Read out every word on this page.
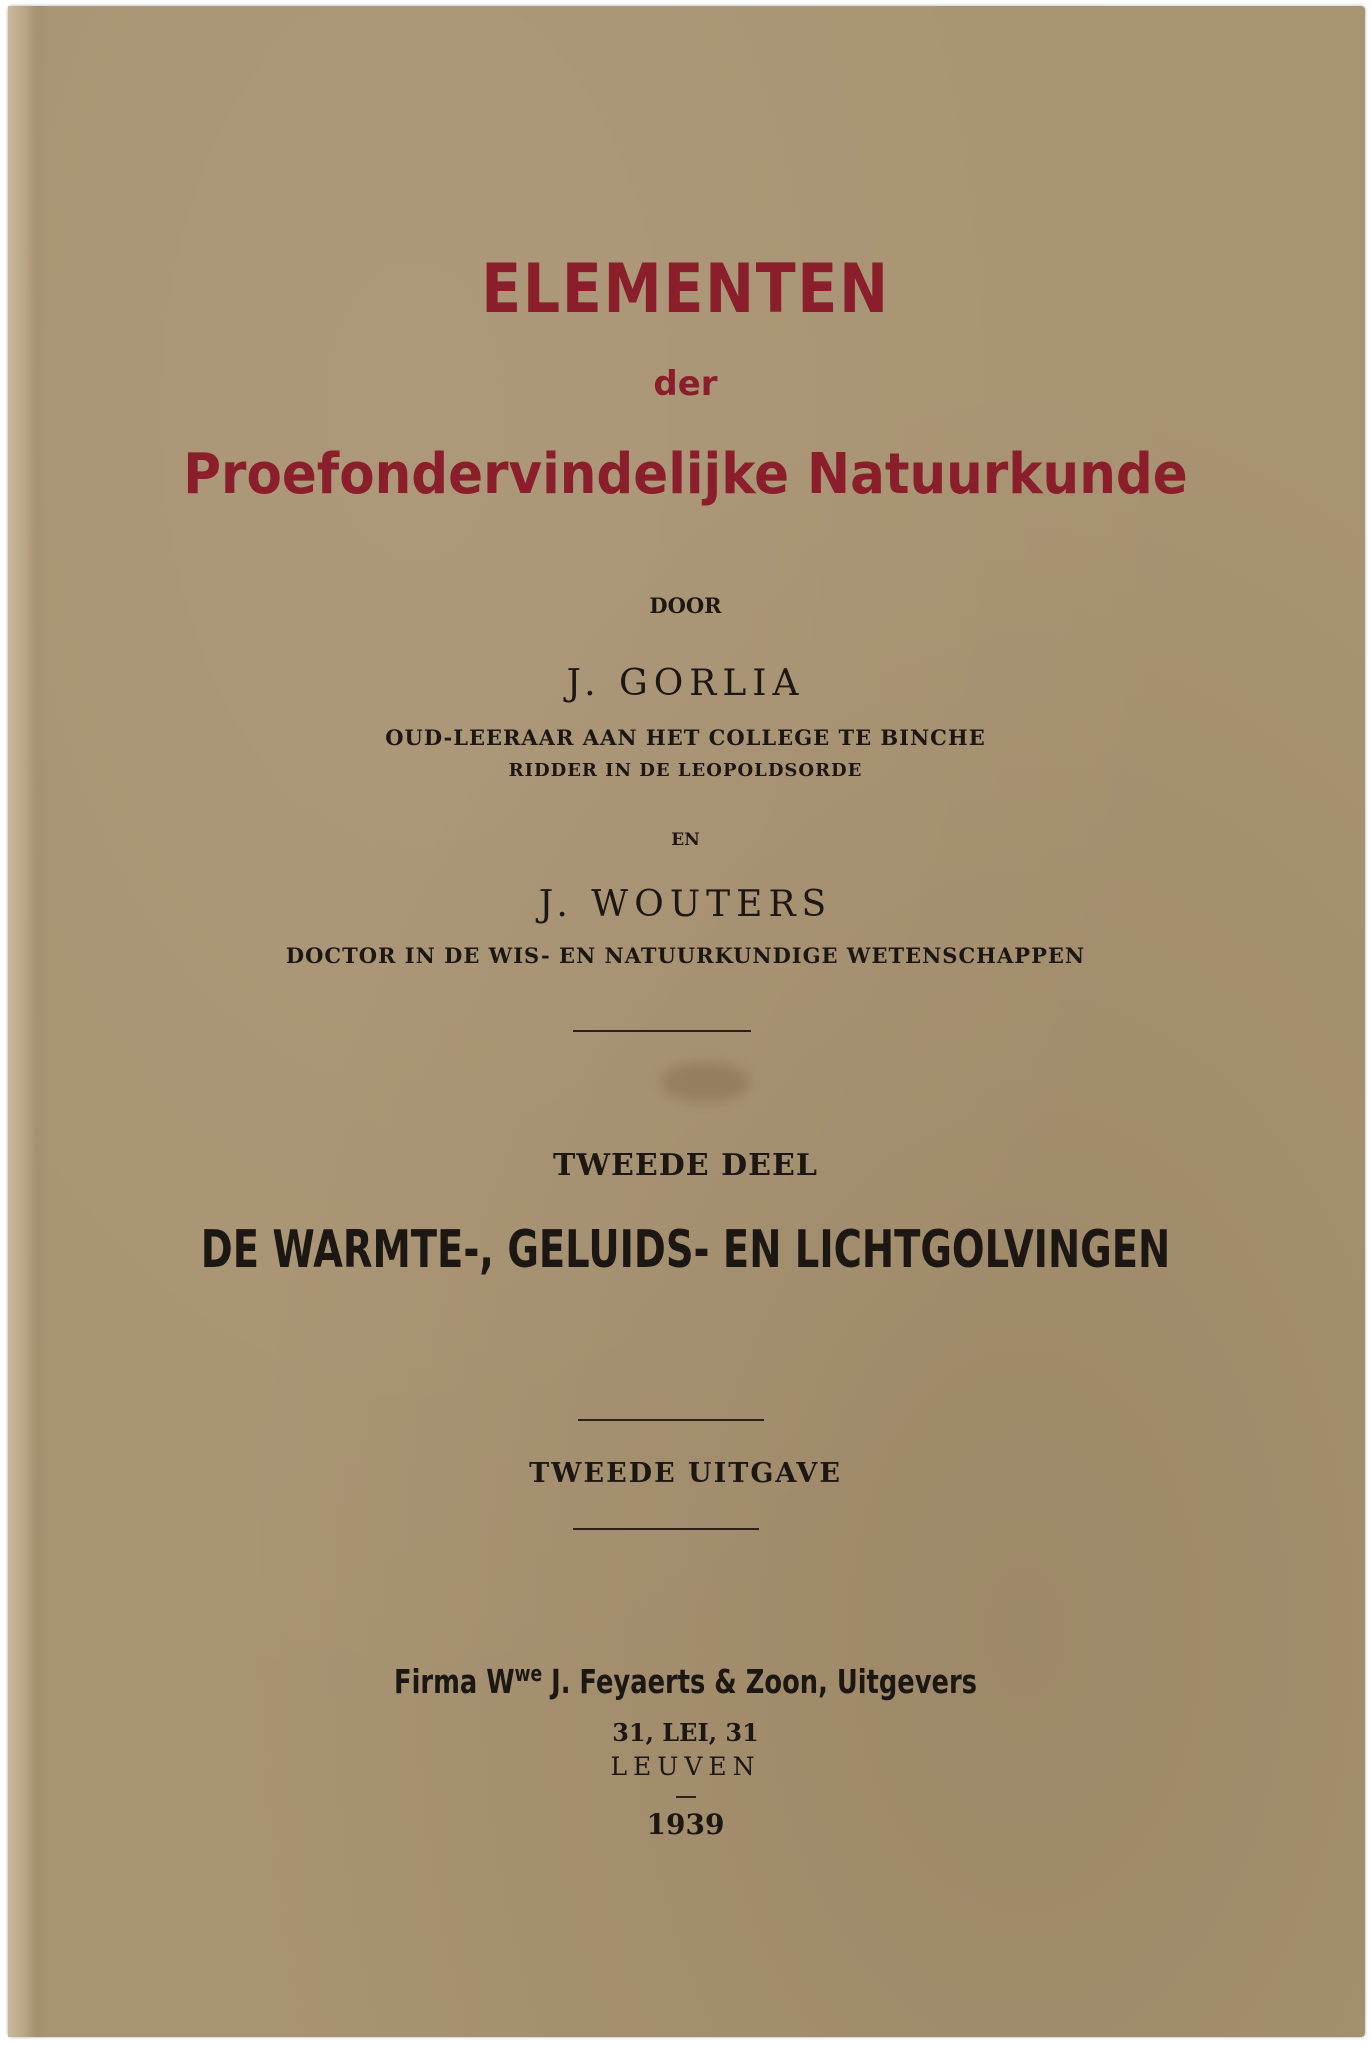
ELEMENTEN
der
Proefondervindelijke Natuurkunde
DOOR
J. GORLIA
OUD-LEERAAR AAN HET COLLEGE TE BINCHE
RIDDER IN DE LEOPOLDSORDE
EN
J. WOUTERS
DOCTOR IN DE WIS- EN NATUURKUNDIGE WETENSCHAPPEN
TWEEDE DEEL
DE WARMTE-, GELUIDS- EN LICHTGOLVINGEN
TWEEDE UITGAVE
Firma $W^{we}$ J. Feyaerts & Zoon, Uitgevers
31, LEI, 31
LEUVEN
1939
